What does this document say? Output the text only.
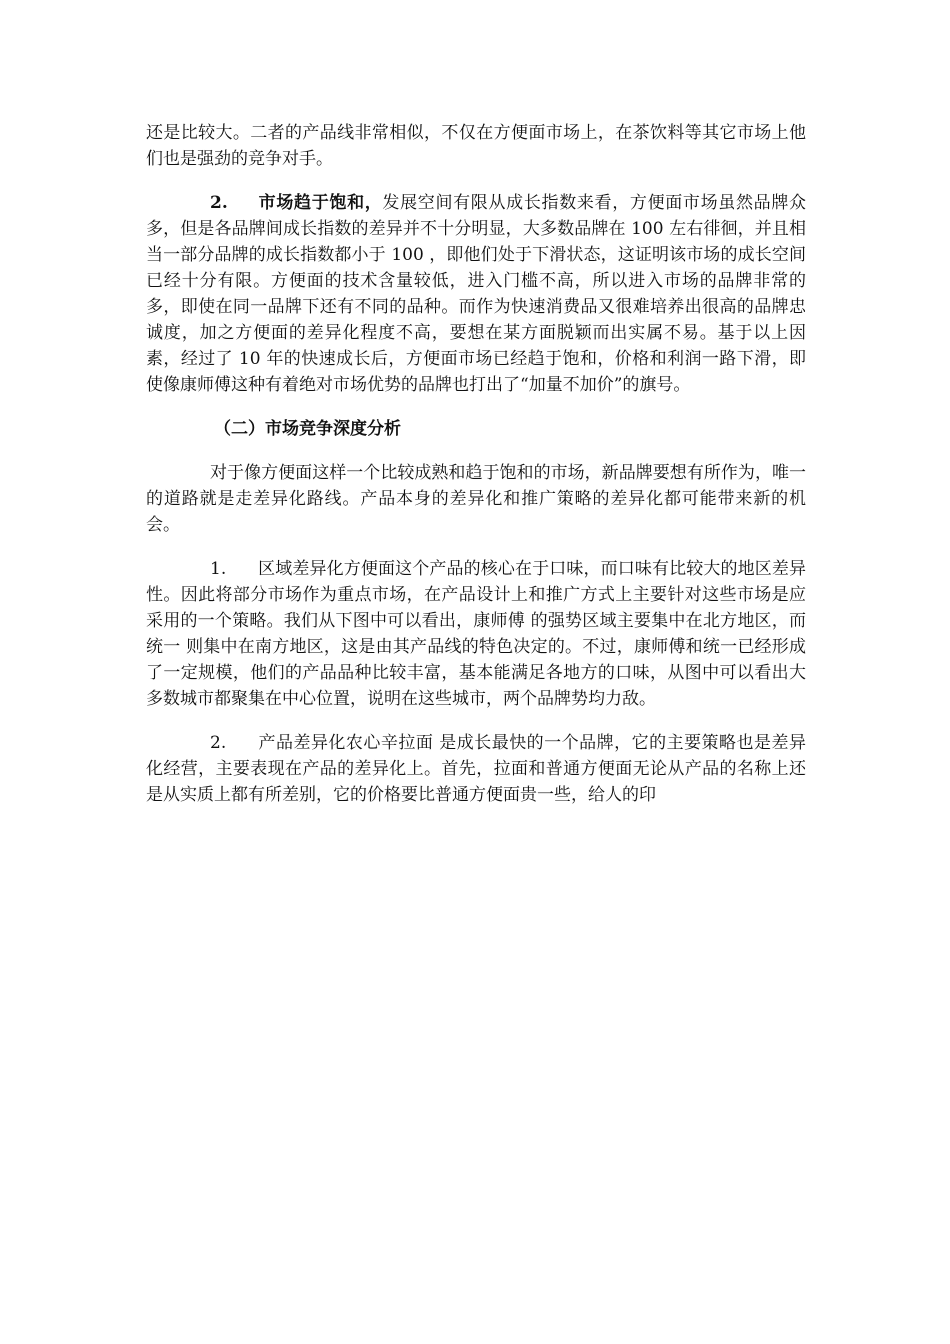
还是比较大。二者的产品线非常相似，不仅在方便面市场上，在茶饮料等其它市场上他们也是强劲的竞争对手。

2. 市场趋于饱和，发展空间有限从成长指数来看，方便面市场虽然品牌众多，但是各品牌间成长指数的差异并不十分明显，大多数品牌在 100 左右徘徊，并且相当一部分品牌的成长指数都小于 100 ，即他们处于下滑状态，这证明该市场的成长空间已经十分有限。方便面的技术含量较低，进入门槛不高，所以进入市场的品牌非常的多，即使在同一品牌下还有不同的品种。而作为快速消费品又很难培养出很高的品牌忠诚度，加之方便面的差异化程度不高，要想在某方面脱颖而出实属不易。基于以上因素，经过了 10 年的快速成长后，方便面市场已经趋于饱和，价格和利润一路下滑，即使像康师傅这种有着绝对市场优势的品牌也打出了“加量不加价”的旗号。

（二）市场竞争深度分析

对于像方便面这样一个比较成熟和趋于饱和的市场，新品牌要想有所作为，唯一的道路就是走差异化路线。产品本身的差异化和推广策略的差异化都可能带来新的机会。

1. 区域差异化方便面这个产品的核心在于口味，而口味有比较大的地区差异性。因此将部分市场作为重点市场，在产品设计上和推广方式上主要针对这些市场是应采用的一个策略。我们从下图中可以看出，康师傅 的强势区域主要集中在北方地区，而统一 则集中在南方地区，这是由其产品线的特色决定的。不过，康师傅和统一已经形成了一定规模，他们的产品品种比较丰富，基本能满足各地方的口味，从图中可以看出大多数城市都聚集在中心位置，说明在这些城市，两个品牌势均力敌。

2. 产品差异化农心辛拉面 是成长最快的一个品牌，它的主要策略也是差异化经营，主要表现在产品的差异化上。首先，拉面和普通方便面无论从产品的名称上还是从实质上都有所差别，它的价格要比普通方便面贵一些，给人的印
